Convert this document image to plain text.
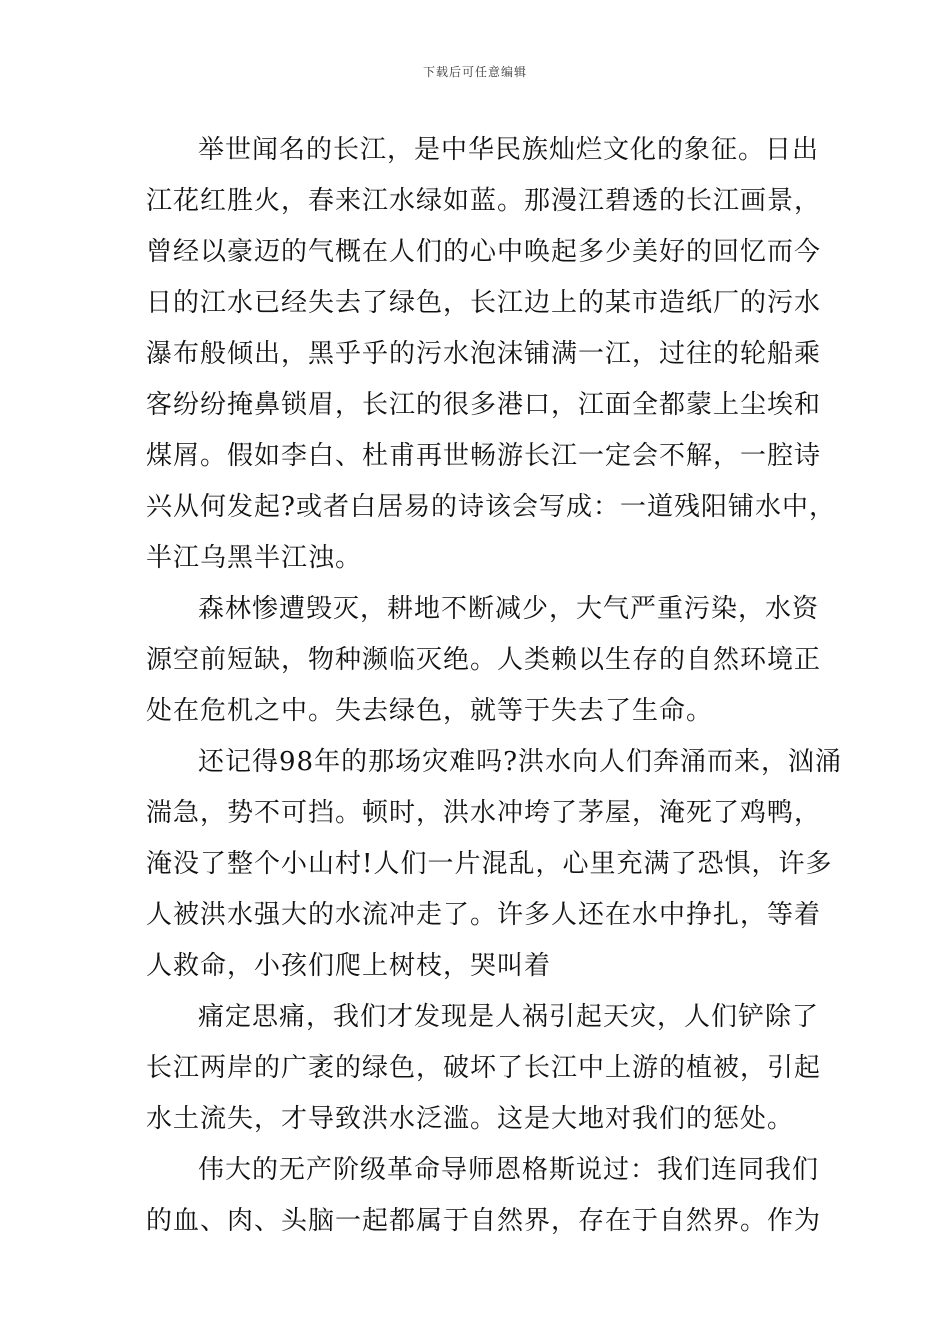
下载后可任意编辑
举世闻名的长江，是中华民族灿烂文化的象征。日出
江花红胜火，春来江水绿如蓝。那漫江碧透的长江画景，
曾经以豪迈的气概在人们的心中唤起多少美好的回忆而今
日的江水已经失去了绿色，长江边上的某市造纸厂的污水
瀑布般倾出，黑乎乎的污水泡沫铺满一江，过往的轮船乘
客纷纷掩鼻锁眉，长江的很多港口，江面全都蒙上尘埃和
煤屑。假如李白、杜甫再世畅游长江一定会不解，一腔诗
兴从何发起?或者白居易的诗该会写成：一道残阳铺水中，
半江乌黑半江浊。
森林惨遭毁灭，耕地不断减少，大气严重污染，水资
源空前短缺，物种濒临灭绝。人类赖以生存的自然环境正
处在危机之中。失去绿色，就等于失去了生命。
还记得98年的那场灾难吗?洪水向人们奔涌而来，汹涌
湍急，势不可挡。顿时，洪水冲垮了茅屋，淹死了鸡鸭，
淹没了整个小山村!人们一片混乱，心里充满了恐惧，许多
人被洪水强大的水流冲走了。许多人还在水中挣扎，等着
人救命，小孩们爬上树枝，哭叫着
痛定思痛，我们才发现是人祸引起天灾，人们铲除了
长江两岸的广袤的绿色，破坏了长江中上游的植被，引起
水土流失，才导致洪水泛滥。这是大地对我们的惩处。
伟大的无产阶级革命导师恩格斯说过：我们连同我们
的血、肉、头脑一起都属于自然界，存在于自然界。作为
